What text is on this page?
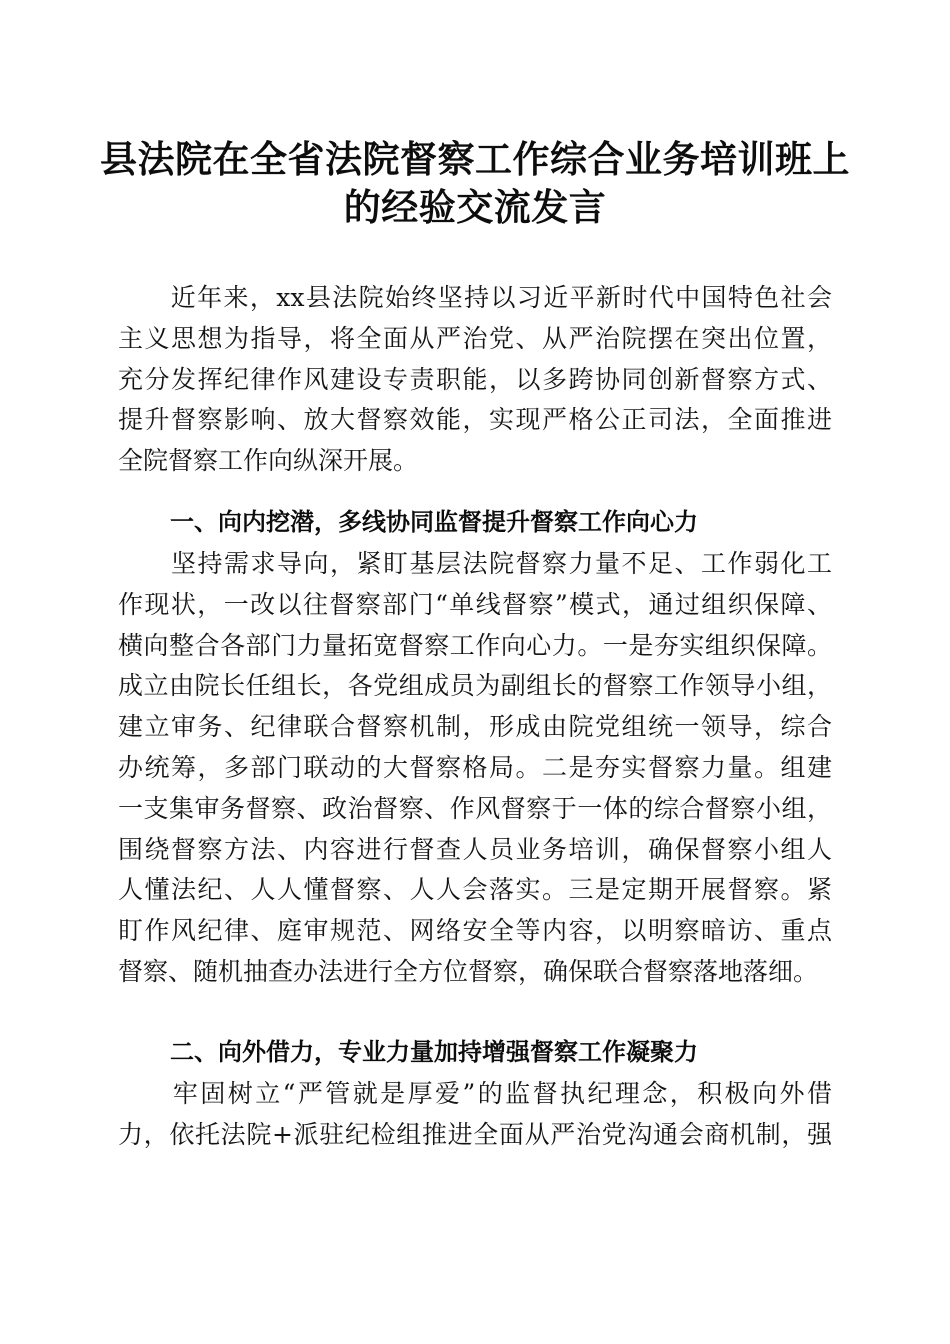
县法院在全省法院督察工作综合业务培训班上
的经验交流发言
　　近年来，xx县法院始终坚持以习近平新时代中国特色社会
主义思想为指导，将全面从严治党、从严治院摆在突出位置，
充分发挥纪律作风建设专责职能，以多跨协同创新督察方式、
提升督察影响、放大督察效能，实现严格公正司法，全面推进
全院督察工作向纵深开展。
一、向内挖潜，多线协同监督提升督察工作向心力
　　坚持需求导向，紧盯基层法院督察力量不足、工作弱化工
作现状，一改以往督察部门“单线督察”模式，通过组织保障、
横向整合各部门力量拓宽督察工作向心力。一是夯实组织保障。
成立由院长任组长，各党组成员为副组长的督察工作领导小组，
建立审务、纪律联合督察机制，形成由院党组统一领导，综合
办统筹，多部门联动的大督察格局。二是夯实督察力量。组建
一支集审务督察、政治督察、作风督察于一体的综合督察小组，
围绕督察方法、内容进行督查人员业务培训，确保督察小组人
人懂法纪、人人懂督察、人人会落实。三是定期开展督察。紧
盯作风纪律、庭审规范、网络安全等内容，以明察暗访、重点
督察、随机抽查办法进行全方位督察，确保联合督察落地落细。
二、向外借力，专业力量加持增强督察工作凝聚力
　　牢固树立“严管就是厚爱”的监督执纪理念，积极向外借
力，依托法院+派驻纪检组推进全面从严治党沟通会商机制，强
